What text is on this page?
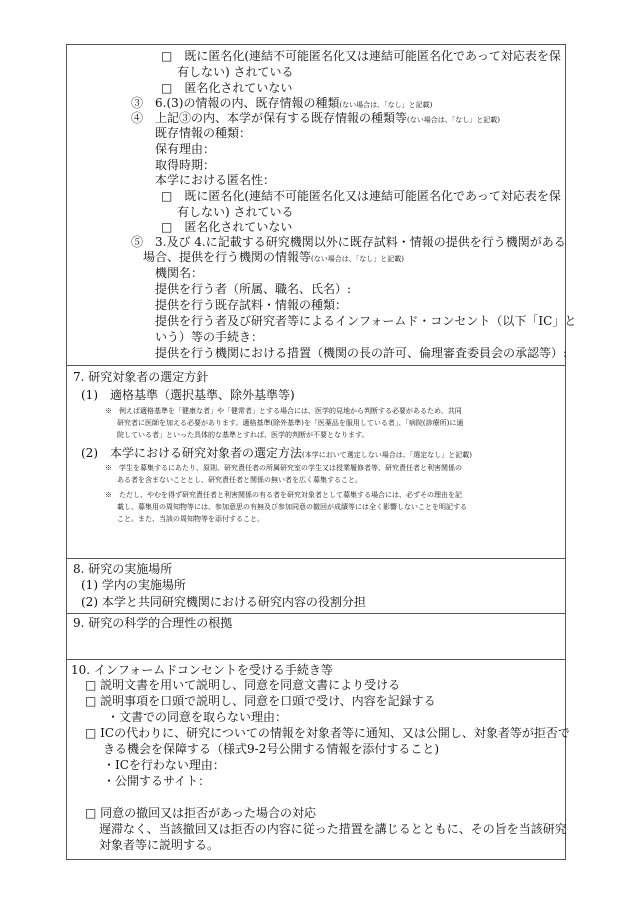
□　既に匿名化(連結不可能匿名化又は連結可能匿名化であって対応表を保
有しない) されている
□　匿名化されていない
③　6.(3)の情報の内、既存情報の種類(ない場合は、「なし」と記載)
④　上記③の内、本学が保有する既存情報の種類等(ない場合は、「なし」と記載)
既存情報の種類：
保有理由：
取得時期：
本学における匿名性：
□　既に匿名化(連結不可能匿名化又は連結可能匿名化であって対応表を保
有しない) されている
□　匿名化されていない
⑤　3.及び 4.に記載する研究機関以外に既存試料・情報の提供を行う機関がある
場合、提供を行う機関の情報等(ない場合は、「なし」と記載)
機関名：
提供を行う者（所属、職名、氏名）:
提供を行う既存試料・情報の種類：
提供を行う者及び研究者等によるインフォームド・コンセント（以下「IC」と
いう）等の手続き：
提供を行う機関における措置（機関の長の許可、倫理審査委員会の承認等）:
7. 研究対象者の選定方針
(1)　適格基準（選択基準、除外基準等)
※　例えば適格基準を「健康な者」や「健常者」とする場合には、医学的見地から判断する必要があるため、共同
研究者に医師を加える必要があります。適格基準(除外基準)を「医薬品を服用している者」、「病院(診療所)に通
院している者」といった具体的な基準とすれば、医学的判断が不要となります。
(2)　本学における研究対象者の選定方法(本学において選定しない場合は、「選定なし」と記載)
※　学生を募集するにあたり、原則、研究責任者の所属研究室の学生又は授業履修者等、研究責任者と利害関係の
ある者を含まないこととし、研究責任者と関係の無い者を広く募集すること。
※　ただし、やむを得ず研究責任者と利害関係の有る者を研究対象者として募集する場合には、必ずその理由を記
載し、募集用の周知物等には、参加意思の有無及び参加同意の撤回が成績等には全く影響しないことを明記する
こと。また、当該の周知物等を添付すること。
8. 研究の実施場所
(1) 学内の実施場所
(2) 本学と共同研究機関における研究内容の役割分担
9. 研究の科学的合理性の根拠
10. インフォームドコンセントを受ける手続き等
□ 説明文書を用いて説明し、同意を同意文書により受ける
□ 説明事項を口頭で説明し、同意を口頭で受け、内容を記録する
・文書での同意を取らない理由：
□ ICの代わりに、研究についての情報を対象者等に通知、又は公開し、対象者等が拒否で
きる機会を保障する（様式9-2号公開する情報を添付すること)
・ICを行わない理由：
・公開するサイト：
□ 同意の撤回又は拒否があった場合の対応
遅滞なく、当該撤回又は拒否の内容に従った措置を講じるとともに、その旨を当該研究
対象者等に説明する。
